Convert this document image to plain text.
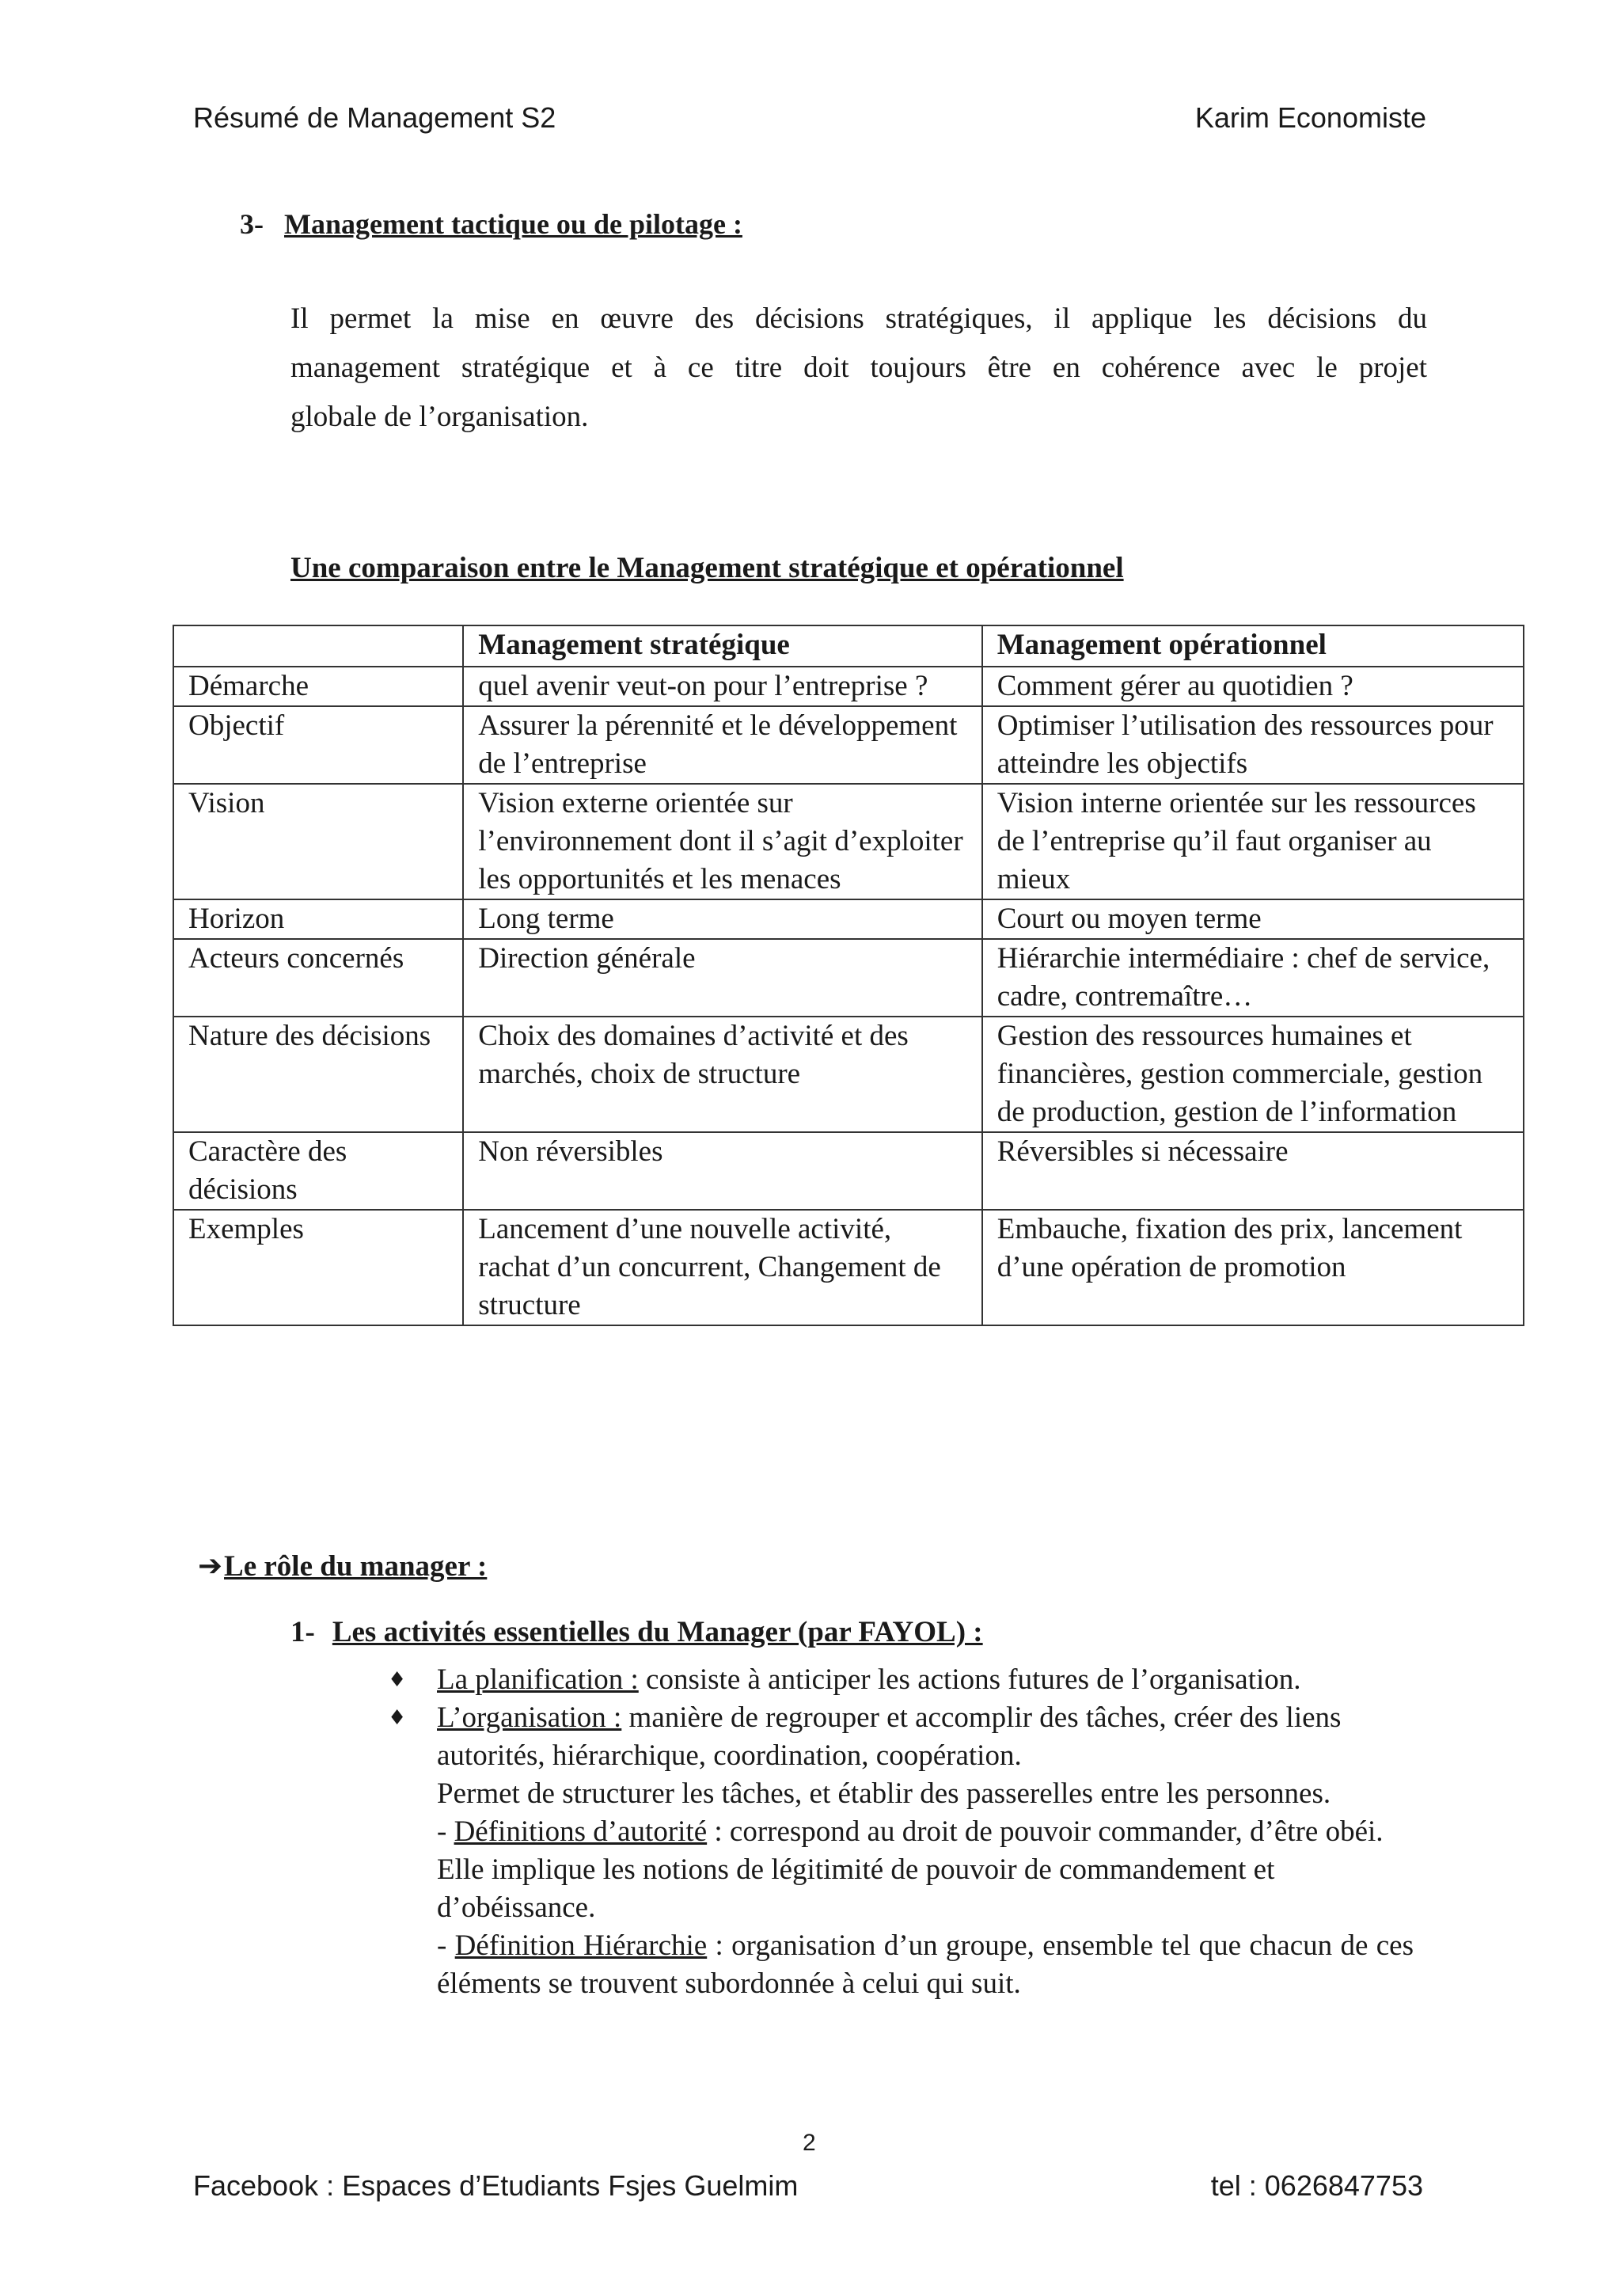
Résumé de Management S2	Karim Economiste
3- Management tactique ou de pilotage :
Il permet la mise en œuvre des décisions stratégiques, il applique les décisions du
management stratégique et à ce titre doit toujours être en cohérence avec le projet
globale de l’organisation.
Une comparaison entre le Management stratégique et opérationnel
	Management stratégique	Management opérationnel
Démarche	quel avenir veut-on pour l’entreprise ?	Comment gérer au quotidien ?
Objectif	Assurer la pérennité et le développement de l’entreprise	Optimiser l’utilisation des ressources pour atteindre les objectifs
Vision	Vision externe orientée sur l’environnement dont il s’agit d’exploiter les opportunités et les menaces	Vision interne orientée sur les ressources de l’entreprise qu’il faut organiser au mieux
Horizon	Long terme	Court ou moyen terme
Acteurs concernés	Direction générale	Hiérarchie intermédiaire : chef de service, cadre, contremaître…
Nature des décisions	Choix des domaines d’activité et des marchés, choix de structure	Gestion des ressources humaines et financières, gestion commerciale, gestion de production, gestion de l’information
Caractère des décisions	Non réversibles	Réversibles si nécessaire
Exemples	Lancement d’une nouvelle activité, rachat d’un concurrent, Changement de structure	Embauche, fixation des prix, lancement d’une opération de promotion
➔Le rôle du manager :
1- Les activités essentielles du Manager (par FAYOL) :
♦ La planification : consiste à anticiper les actions futures de l’organisation.
♦ L’organisation : manière de regrouper et accomplir des tâches, créer des liens autorités, hiérarchique, coordination, coopération.
Permet de structurer les tâches, et établir des passerelles entre les personnes.
- Définitions d’autorité : correspond au droit de pouvoir commander, d’être obéi. Elle implique les notions de légitimité de pouvoir de commandement et d’obéissance.
- Définition Hiérarchie : organisation d’un groupe, ensemble tel que chacun de ces éléments se trouvent subordonnée à celui qui suit.
2
Facebook : Espaces d’Etudiants Fsjes Guelmim	tel : 0626847753
